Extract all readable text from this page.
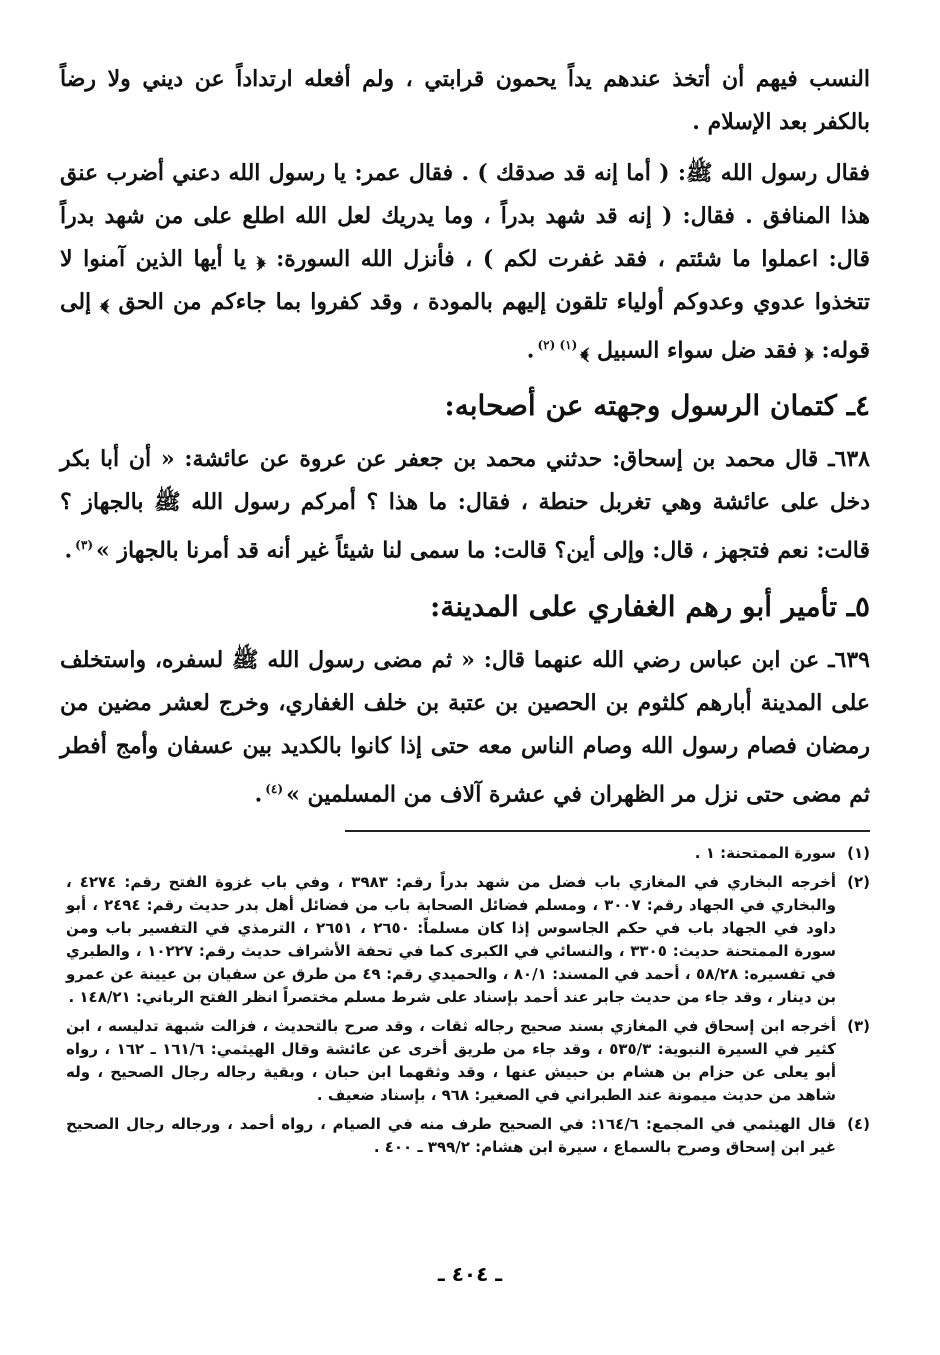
النسب فيهم أن أتخذ عندهم يداً يحمون قرابتي ، ولم أفعله ارتداداً عن ديني ولا رضاً بالكفر بعد الإسلام .

فقال رسول الله ﷺ: ( أما إنه قد صدقك ) . فقال عمر: يا رسول الله دعني أضرب عنق هذا المنافق . فقال: ( إنه قد شهد بدراً ، وما يدريك لعل الله اطلع على من شهد بدراً قال: اعملوا ما شئتم ، فقد غفرت لكم ) ، فأنزل الله السورة: ﴿ يا أيها الذين آمنوا لا تتخذوا عدوي وعدوكم أولياء تلقون إليهم بالمودة ، وقد كفروا بما جاءكم من الحق ﴾ إلى قوله: ﴿ فقد ضل سواء السبيل ﴾$^{(١) (٢)}$.

٤ـ كتمان الرسول وجهته عن أصحابه:

٦٣٨ـ قال محمد بن إسحاق: حدثني محمد بن جعفر عن عروة عن عائشة: « أن أبا بكر دخل على عائشة وهي تغربل حنطة ، فقال: ما هذا ؟ أمركم رسول الله ﷺ بالجهاز ؟ قالت: نعم فتجهز ، قال: وإلى أين؟ قالت: ما سمى لنا شيئاً غير أنه قد أمرنا بالجهاز »$^{(٣)}$.

٥ـ تأمير أبو رهم الغفاري على المدينة:

٦٣٩ـ عن ابن عباس رضي الله عنهما قال: « ثم مضى رسول الله ﷺ لسفره، واستخلف على المدينة أبارهم كلثوم بن الحصين بن عتبة بن خلف الغفاري، وخرج لعشر مضين من رمضان فصام رسول الله وصام الناس معه حتى إذا كانوا بالكديد بين عسفان وأمج أفطر ثم مضى حتى نزل مر الظهران في عشرة آلاف من المسلمين »$^{(٤)}$.

(١)
سورة الممتحنة: ١ .
(٢)
أخرجه البخاري في المغازي باب فضل من شهد بدراً رقم: ٣٩٨٣ ، وفي باب غزوة الفتح رقم: ٤٢٧٤ ، والبخاري في الجهاد رقم: ٣٠٠٧ ، ومسلم فضائل الصحابة باب من فضائل أهل بدر حديث رقم: ٢٤٩٤ ، أبو داود في الجهاد باب في حكم الجاسوس إذا كان مسلماً: ٢٦٥٠ ، ٢٦٥١ ، الترمذي في التفسير باب ومن سورة الممتحنة حديث: ٣٣٠٥ ، والنسائي في الكبرى كما في تحفة الأشراف حديث رقم: ١٠٢٢٧ ، والطبري في تفسيره: ٥٨/٢٨ ، أحمد في المسند: ٨٠/١ ، والحميدي رقم: ٤٩ من طرق عن سفيان بن عيينة عن عمرو بن دينار ، وقد جاء من حديث جابر عند أحمد بإسناد على شرط مسلم مختصراً انظر الفتح الرباني: ١٤٨/٢١ .
(٣)
أخرجه ابن إسحاق في المغازي بسند صحيح رجاله ثقات ، وقد صرح بالتحديث ، فزالت شبهة تدليسه ، ابن كثير في السيرة النبوية: ٥٣٥/٣ ، وقد جاء من طريق أخرى عن عائشة وقال الهيثمي: ١٦١/٦ ـ ١٦٢ ، رواه أبو يعلى عن حزام بن هشام بن حبيش عنها ، وقد وثقهما ابن حبان ، وبقية رجاله رجال الصحيح ، وله شاهد من حديث ميمونة عند الطبراني في الصغير: ٩٦٨ ، بإسناد ضعيف .
(٤)
قال الهيثمي في المجمع: ١٦٤/٦: في الصحيح طرف منه في الصيام ، رواه أحمد ، ورجاله رجال الصحيح غير ابن إسحاق وصرح بالسماع ، سيرة ابن هشام: ٣٩٩/٢ ـ ٤٠٠ .
ـ ٤٠٤ ـ
